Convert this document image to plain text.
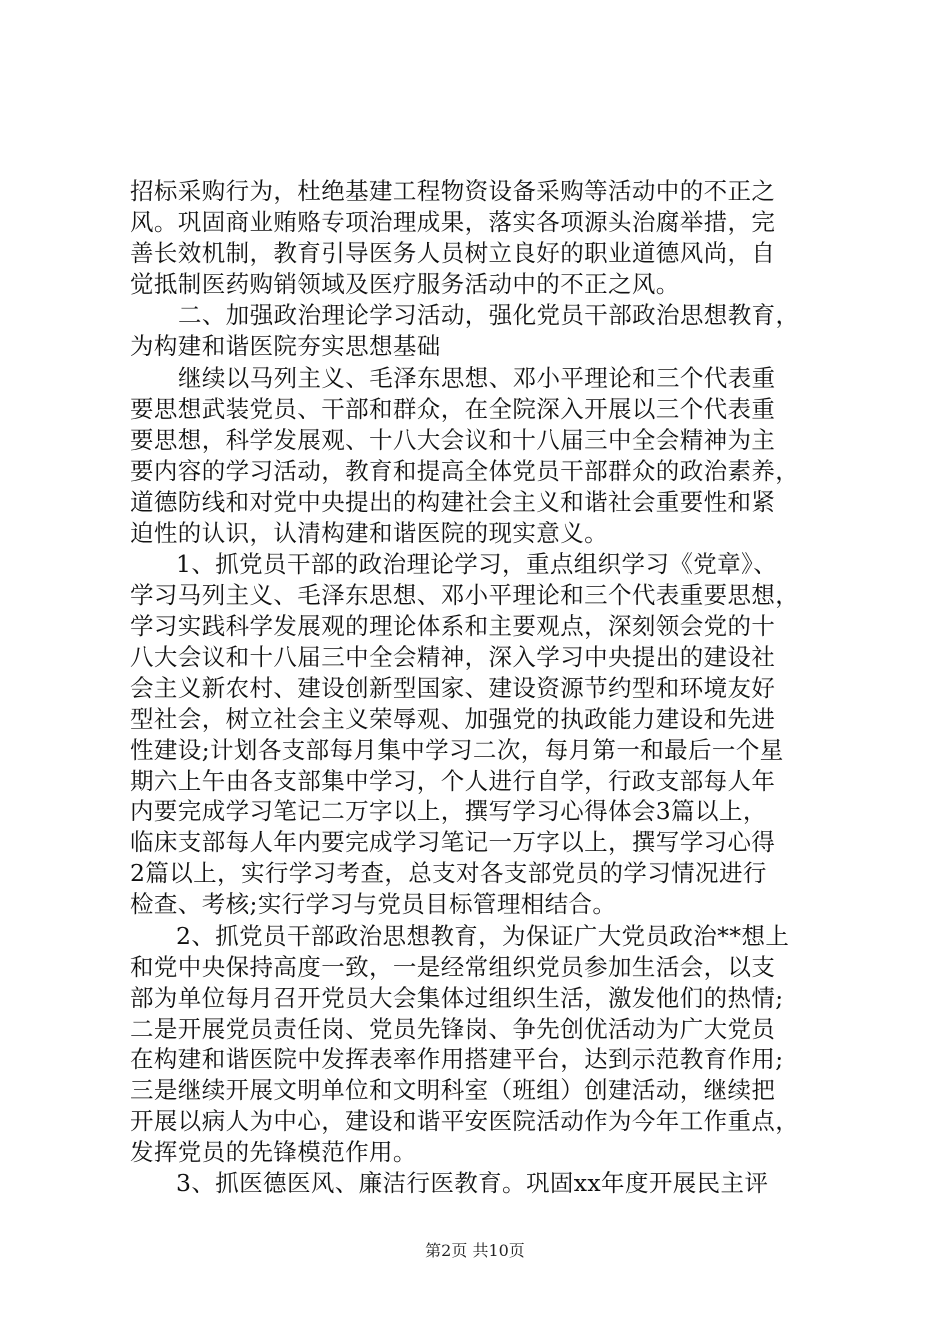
招标采购行为，杜绝基建工程物资设备采购等活动中的不正之
风。巩固商业贿赂专项治理成果，落实各项源头治腐举措，完
善长效机制，教育引导医务人员树立良好的职业道德风尚，自
觉抵制医药购销领域及医疗服务活动中的不正之风。
二、加强政治理论学习活动，强化党员干部政治思想教育，
为构建和谐医院夯实思想基础
继续以马列主义、毛泽东思想、邓小平理论和三个代表重
要思想武装党员、干部和群众，在全院深入开展以三个代表重
要思想，科学发展观、十八大会议和十八届三中全会精神为主
要内容的学习活动，教育和提高全体党员干部群众的政治素养，
道德防线和对党中央提出的构建社会主义和谐社会重要性和紧
迫性的认识，认清构建和谐医院的现实意义。
1、抓党员干部的政治理论学习，重点组织学习《党章》、
学习马列主义、毛泽东思想、邓小平理论和三个代表重要思想，
学习实践科学发展观的理论体系和主要观点，深刻领会党的十
八大会议和十八届三中全会精神，深入学习中央提出的建设社
会主义新农村、建设创新型国家、建设资源节约型和环境友好
型社会，树立社会主义荣辱观、加强党的执政能力建设和先进
性建设;计划各支部每月集中学习二次，每月第一和最后一个星
期六上午由各支部集中学习，个人进行自学，行政支部每人年
内要完成学习笔记二万字以上，撰写学习心得体会3篇以上，
临床支部每人年内要完成学习笔记一万字以上，撰写学习心得
2篇以上，实行学习考查，总支对各支部党员的学习情况进行
检查、考核;实行学习与党员目标管理相结合。
2、抓党员干部政治思想教育，为保证广大党员政治**想上
和党中央保持高度一致，一是经常组织党员参加生活会，以支
部为单位每月召开党员大会集体过组织生活，激发他们的热情;
二是开展党员责任岗、党员先锋岗、争先创优活动为广大党员
在构建和谐医院中发挥表率作用搭建平台，达到示范教育作用;
三是继续开展文明单位和文明科室（班组）创建活动，继续把
开展以病人为中心，建设和谐平安医院活动作为今年工作重点，
发挥党员的先锋模范作用。
3、抓医德医风、廉洁行医教育。巩固xx年度开展民主评
第2页 共10页
